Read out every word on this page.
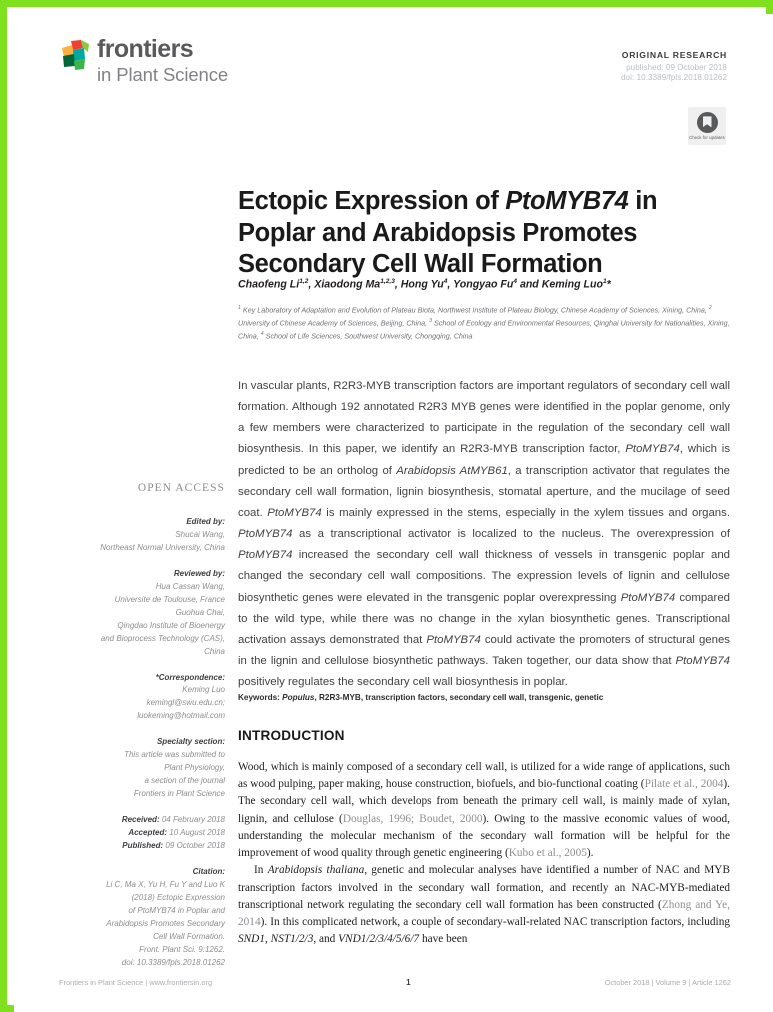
frontiers
in Plant Science
ORIGINAL RESEARCH
published: 09 October 2018
doi: 10.3389/fpls.2018.01262
Check for updates
Ectopic Expression of PtoMYB74 in Poplar and Arabidopsis Promotes Secondary Cell Wall Formation
Chaofeng Li$^{1,2}$, Xiaodong Ma$^{1,2,3}$, Hong Yu$^4$, Yongyao Fu$^4$ and Keming Luo$^1$*
$^1$ Key Laboratory of Adaptation and Evolution of Plateau Biota, Northwest Institute of Plateau Biology, Chinese Academy of Sciences, Xining, China, $^2$ University of Chinese Academy of Sciences, Beijing, China, $^3$ School of Ecology and Environmental Resources, Qinghai University for Nationalities, Xining, China, $^4$ School of Life Sciences, Southwest University, Chongqing, China
OPEN ACCESS
Edited by:
Shucai Wang,
Northeast Normal University, China
Reviewed by:
Hua Cassan Wang,
Universite de Toulouse, France
Guohua Chai,
Qingdao Institute of Bioenergy
and Bioprocess Technology (CAS),
China
*Correspondence:
Keming Luo
kemingl@swu.edu.cn;
luokeming@hotmail.com
Specialty section:
This article was submitted to
Plant Physiology,
a section of the journal
Frontiers in Plant Science
Received: 04 February 2018
Accepted: 10 August 2018
Published: 09 October 2018
Citation:
Li C, Ma X, Yu H, Fu Y and Luo K
(2018) Ectopic Expression
of PtoMYB74 in Poplar and
Arabidopsis Promotes Secondary
Cell Wall Formation.
Front. Plant Sci. 9:1262.
doi: 10.3389/fpls.2018.01262
In vascular plants, R2R3-MYB transcription factors are important regulators of secondary cell wall formation. Although 192 annotated R2R3 MYB genes were identified in the poplar genome, only a few members were characterized to participate in the regulation of the secondary cell wall biosynthesis. In this paper, we identify an R2R3-MYB transcription factor, PtoMYB74, which is predicted to be an ortholog of Arabidopsis AtMYB61, a transcription activator that regulates the secondary cell wall formation, lignin biosynthesis, stomatal aperture, and the mucilage of seed coat. PtoMYB74 is mainly expressed in the stems, especially in the xylem tissues and organs. PtoMYB74 as a transcriptional activator is localized to the nucleus. The overexpression of PtoMYB74 increased the secondary cell wall thickness of vessels in transgenic poplar and changed the secondary cell wall compositions. The expression levels of lignin and cellulose biosynthetic genes were elevated in the transgenic poplar overexpressing PtoMYB74 compared to the wild type, while there was no change in the xylan biosynthetic genes. Transcriptional activation assays demonstrated that PtoMYB74 could activate the promoters of structural genes in the lignin and cellulose biosynthetic pathways. Taken together, our data show that PtoMYB74 positively regulates the secondary cell wall biosynthesis in poplar.
Keywords: Populus, R2R3-MYB, transcription factors, secondary cell wall, transgenic, genetic
INTRODUCTION

Wood, which is mainly composed of a secondary cell wall, is utilized for a wide range of applications, such as wood pulping, paper making, house construction, biofuels, and bio-functional coating (Pilate et al., 2004). The secondary cell wall, which develops from beneath the primary cell wall, is mainly made of xylan, lignin, and cellulose (Douglas, 1996; Boudet, 2000). Owing to the massive economic values of wood, understanding the molecular mechanism of the secondary wall formation will be helpful for the improvement of wood quality through genetic engineering (Kubo et al., 2005).

In Arabidopsis thaliana, genetic and molecular analyses have identified a number of NAC and MYB transcription factors involved in the secondary wall formation, and recently an NAC-MYB-mediated transcriptional network regulating the secondary cell wall formation has been constructed (Zhong and Ye, 2014). In this complicated network, a couple of secondary-wall-related NAC transcription factors, including SND1, NST1/2/3, and VND1/2/3/4/5/6/7 have been

Frontiers in Plant Science | www.frontiersin.org	1	October 2018 | Volume 9 | Article 1262
